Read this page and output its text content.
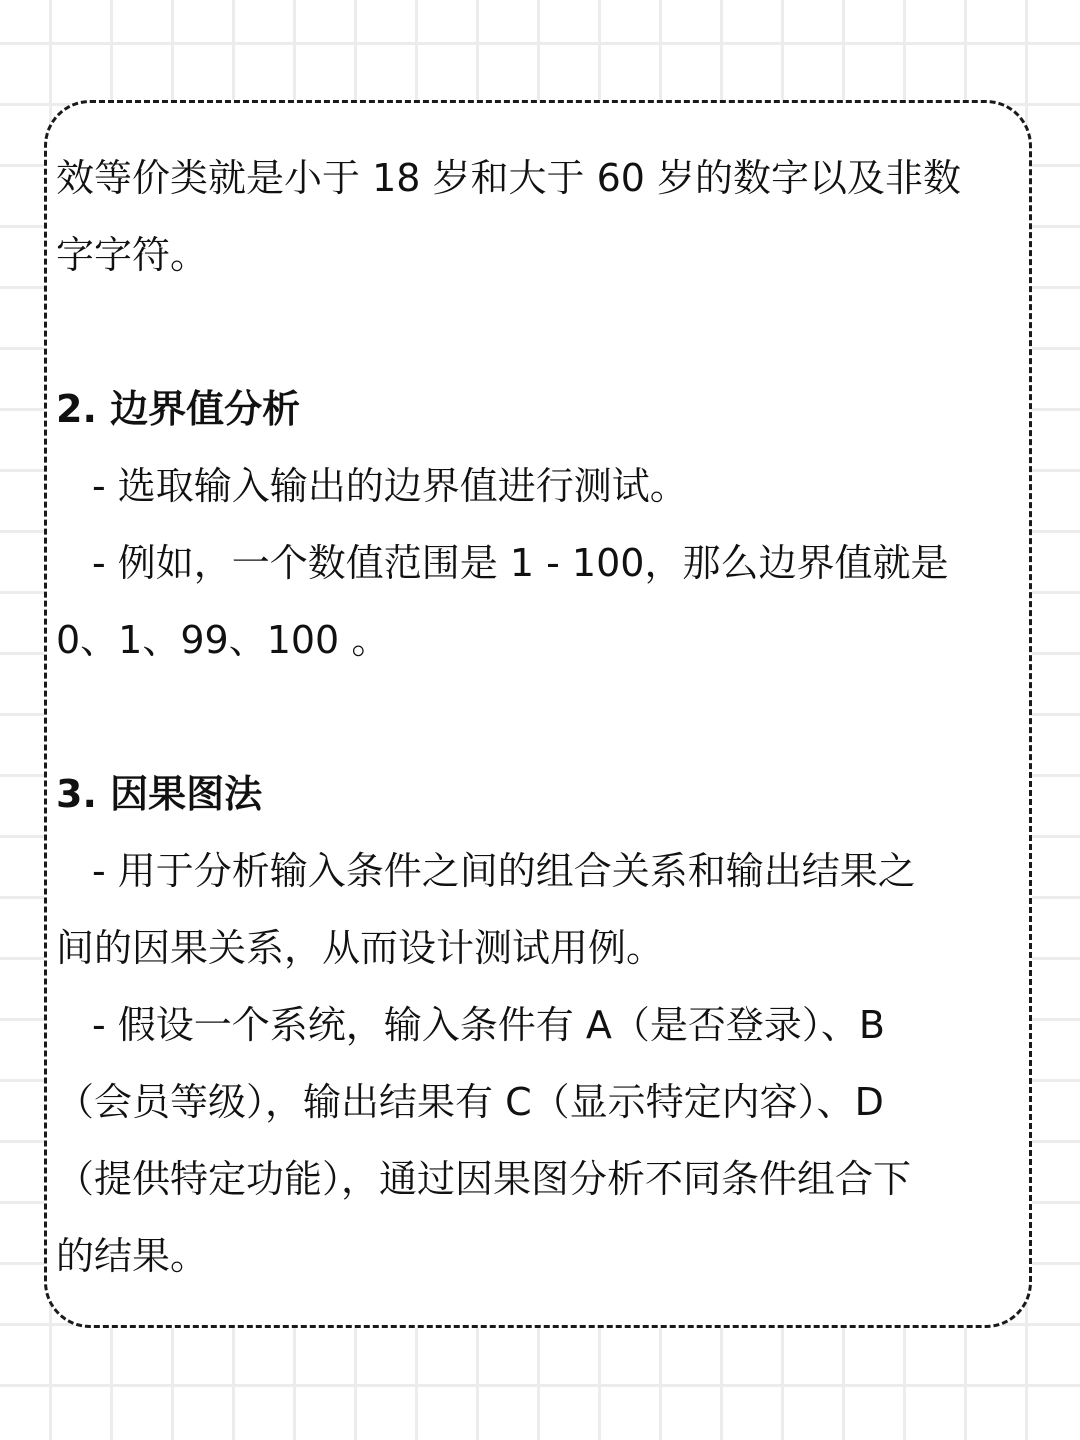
效等价类就是小于 18 岁和大于 60 岁的数字以及非数
字字符。
2. 边界值分析
- 选取输入输出的边界值进行测试。
- 例如，一个数值范围是 1 - 100，那么边界值就是
0、1、99、100 。
3. 因果图法
- 用于分析输入条件之间的组合关系和输出结果之
间的因果关系，从而设计测试用例。
- 假设一个系统，输入条件有 A（是否登录）、B
（会员等级），输出结果有 C（显示特定内容）、D
（提供特定功能），通过因果图分析不同条件组合下
的结果。
